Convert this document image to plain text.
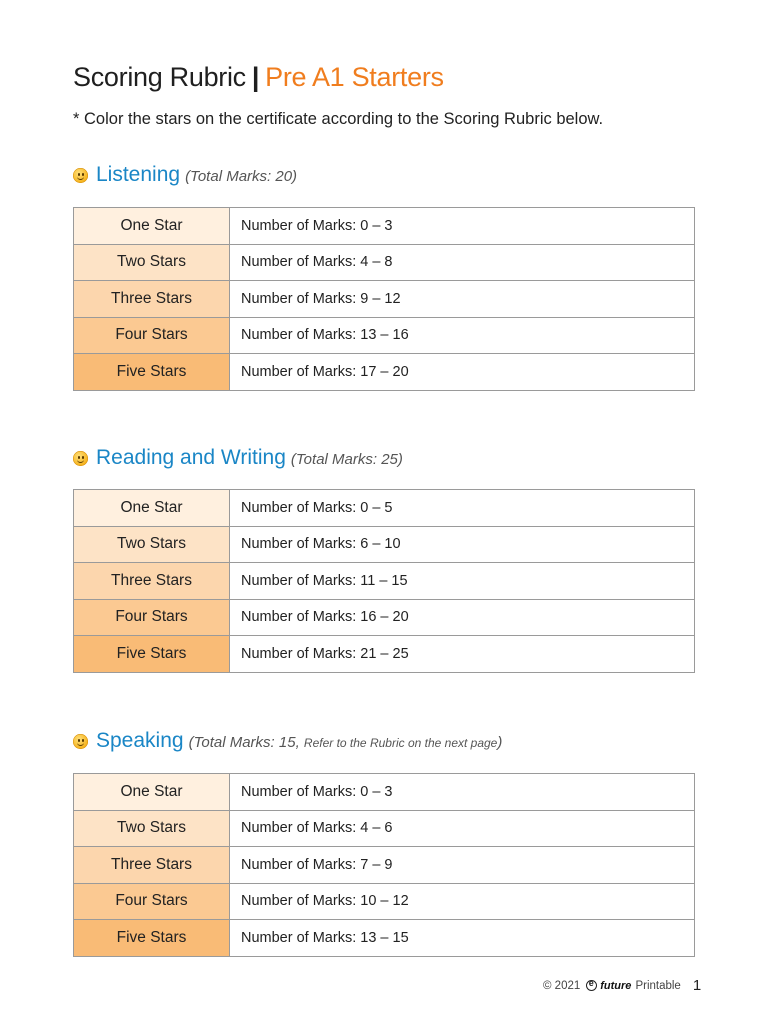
Scoring Rubric | Pre A1 Starters
* Color the stars on the certificate according to the Scoring Rubric below.
Listening (Total Marks: 20)
One Star	Number of Marks: 0 – 3
Two Stars	Number of Marks: 4 – 8
Three Stars	Number of Marks: 9 – 12
Four Stars	Number of Marks: 13 – 16
Five Stars	Number of Marks: 17 – 20
Reading and Writing (Total Marks: 25)
One Star	Number of Marks: 0 – 5
Two Stars	Number of Marks: 6 – 10
Three Stars	Number of Marks: 11 – 15
Four Stars	Number of Marks: 16 – 20
Five Stars	Number of Marks: 21 – 25
Speaking (Total Marks: 15, Refer to the Rubric on the next page)
One Star	Number of Marks: 0 – 3
Two Stars	Number of Marks: 4 – 6
Three Stars	Number of Marks: 7 – 9
Four Stars	Number of Marks: 10 – 12
Five Stars	Number of Marks: 13 – 15
© 2021 e future Printable 1
